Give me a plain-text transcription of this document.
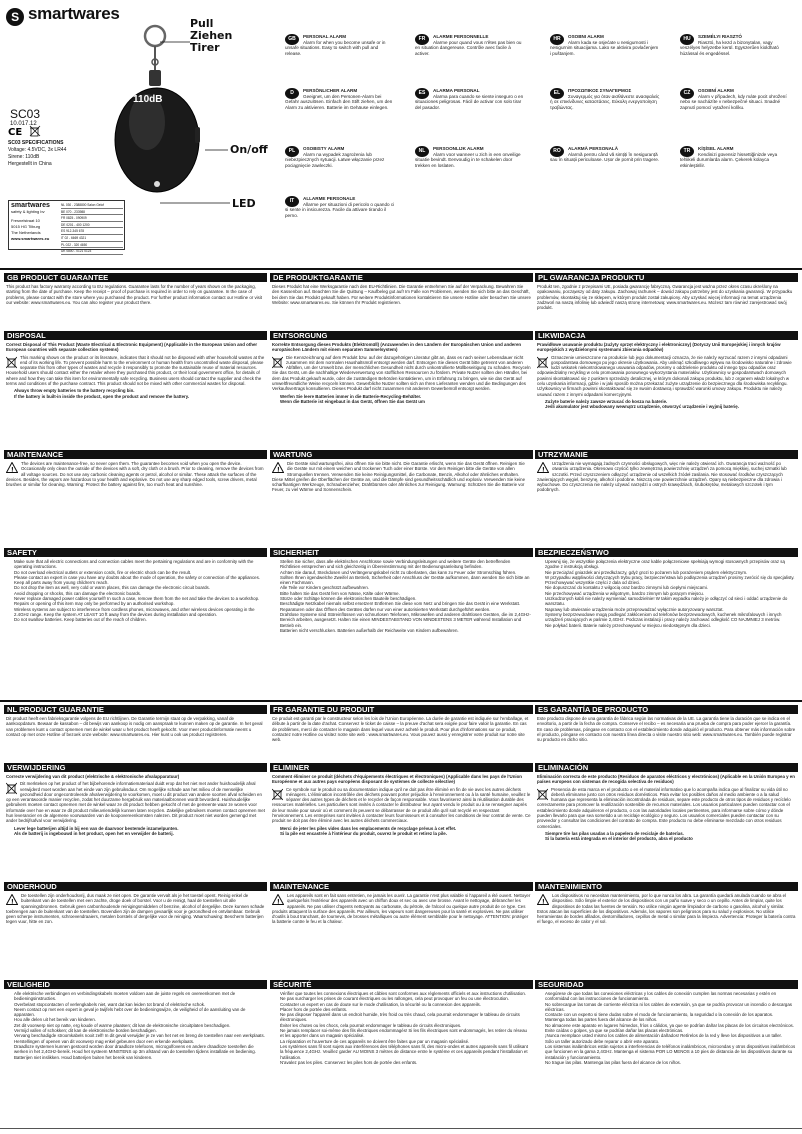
S smartwares
SC03
10.017.12
CE
SC03 SPECIFICATIONS
Voltage: 4.5VDC, 3x LR44
Sirene: 110dB
Hergestellt in China
smartwares
safety & lighting bv
Fresnelstraat 10
5015 HG Tilburg
The Netherlands
www.smartwares.eu
NL 030 - 2388800 Salon Gelof
BE 070 - 233988
FR 0825 - 090909
DE 0201 - 400 1200
ES 912-345 678
IT 02 - 6669 4321
PL 022 - 320 4650
UK 0800 - 0121 0123
110dB
Pull
Ziehen
Tirer
On/off
LED
GB	PERSONAL ALARM
Alarm for when you become unsafe or in unsafe situations. Easy to switch with pull and release.
FR	ALARME PERSONNELLE
Alarme pour quand vous n'êtes pas bien ou en situation dangereuse. Contrôle avec facile à activer.
HR	OSOBNI ALARM
Alarm kada se osjećate u nesigurnosti i nesigurnim situacijama. Lako se aktivira povlačenjem i puštanjem.
HU	SZEMÉLYI RIASZTÓ
Riasztó, ha kezd a bizonytalan, vagy veszélyes helyzetbe kerül. Egyszerűen kioldható húzással és engedéssel.
D	PERSÖNLICHER ALARM
Geeignet, um den Personen-Alarm bei Gefahr auszulösen. Einfach den Stift ziehen, um den Alarm zu aktivieren. Batterie im Gehäuse einlegen.
ES	ALARMA PERSONAL
Alarma para cuando se siente inseguro o en situaciones peligrosas. Fácil de activar con solo tirar del pasador.
EL	ΠΡΟΣΩΠΙΚΟΣ ΣΥΝΑΓΕΡΜΟΣ
Συναγερμός για όταν αισθάνεστε ανασφαλείς ή σε επικίνδυνες καταστάσεις. Εύκολη ενεργοποίηση τραβώντας.
CZ	OSOBNÍ ALARM
Alarm v případech, kdy máte pocit ohrožení nebo se nacházíte v nebezpečné situaci. Snadné zapnutí pomocí vytažení kolíku.
PL	OSOBISTY ALARM
Alarm na wypadek zagrożenia lub niebezpiecznych sytuacji. Łatwe włączanie przez pociągnięcie zawleczki.
NL	PERSOONLIJK ALARM
Alarm voor wanneer u zich in een onveilige situatie bevindt. Eenvoudig in te schakelen door trekken en loslaten.
RO	ALARMĂ PERSONALĂ
Alarmă pentru când vă simțiți în nesiguranță sau în situații periculoase. Ușor de pornit prin tragere.
TR	KİŞİSEL ALARM
Kendinizi güvensiz hissettiğinizde veya tehlikeli durumlarda alarm. Çekerek kolayca etkinleştirilir.
IT	ALLARME PERSONALE
Allarme per situazioni di pericolo o quando ci si sente in insicurezza. Facile da attivare tirando il perno.
GB PRODUCT GUARANTEE

This product has factory warranty according to EU regulations. Guarantee lasts for the number of years shown on the packaging, starting from the date of purchase. Keep the receipt – proof of purchase is required in order to rely on guarantee. In the case of problems, please contact with the store where you purchased the product. For further product information contact our Hotline or visit our website: www.smartwares.eu. You can also register your product there.

DISPOSAL

Correct Disposal of This Product (Waste Electrical & Electronic Equipment) (Applicable in the European Union and other European countries with separate collection systems)

This marking shown on the product or its literature, indicates that it should not be disposed with other household wastes at the end of its working life. To prevent possible harm to the environment or human health from uncontrolled waste disposal, please separate this from other types of wastes and recycle it responsibly to promote the sustainable reuse of material resources. Household users should contact either the retailer where they purchased this product, or their local government office, for details of where and how they can take this item for environmentally safe recycling. Business users should contact the supplier and check the terms and conditions of the purchase contract. This product should not be mixed with other commercial wastes for disposal.

• Always throw empty batteries to the battery recycling bin.
• If the battery is built-in inside the product, open the product and remove the battery.
MAINTENANCE
!

The devices are maintenance-free, so never open them. The guarantee becomes void when you open the device. Occasionally only clean the outside of the devices with a soft, dry cloth or a brush. Prior to cleaning, remove the devices from all voltage sources. Do not use any carbonic cleaning agents or petrol, alcohol or similar. These attack the surfaces of the devices. Besides, the vapors are hazardous to your health and explosive. Do not use any sharp edged tools, screw drivers, metal brushes or similar for cleaning. Warning: Protect the battery against fire, too much heat and sunshine.

SAFETY
• Make sure that all electric connections and connection cables meet the pertaining regulations and are in conformity with the operating instructions.
• Do not overload electrical outlets or extension cords, fire or electric shock can be the result.
• Please contact an expert in case you have any doubts about the mode of operation, the safety or connection of the appliances.
• Keep all parts away from young children's reach.
• Do not drop the item as well, very cold or warm places, this can damage the electronic circuit boards.
• Avoid dropping or shocks, this can damage the electronic boards.
• Never replace damaged power cables yourself! In such a case, remove them from the net and take the devices to a workshop.
• Repairs or opening of this item may only be performed by an authorised workshop.
• Wireless systems are subject to interference from cordless phones, microwaves, and other wireless devices operating in the 2.4GHz range. Keep the system AT LEAST 10 ft away from the devices during installation and operation.
• Do not swallow batteries. Keep batteries out of the reach of children.
DE PRODUKTGARANTIE

Dieses Produkt hat eine Werksgarantie nach den EU-Richtlinien. Die Garantie entnehmen Sie auf der Verpackung. Bewahren Sie den Kassenbon auf. Beachten Sie die Quittung – Kaufbeleg gut auf! Im Falle von Problemen, wenden Sie sich bitte an das Geschäft, bei dem Sie das Produkt gekauft haben. Für weitere Produktinformationen kontaktieren Sie unsere Hotline oder besuchen Sie unsere Website: www.smartwares.eu. Sie können Ihr Produkt registrieren.

ENTSORGUNG

Korrekte Entsorgung dieses Produkts (Elektromüll) (Anzuwenden in den Ländern der Europäischen Union und anderen europäischen Ländern mit einem separaten Sammelsystem)

Die Kennzeichnung auf dem Produkt bzw. auf der dazugehörigen Literatur gibt an, dass es nach seiner Lebensdauer nicht zusammen mit dem normalen Haushaltsmüll entsorgt werden darf. Entsorgen Sie dieses Gerät bitte getrennt von anderen Abfällen, um der Umwelt bzw. der menschlichen Gesundheit nicht durch unkontrollierte Müllbeseitigung zu schaden. Recyceln Sie das Gerät, um die nachhaltige Wiederverwertung von stofflichen Ressourcen zu fördern. Private Nutzer sollten den Händler, bei dem das Produkt gekauft wurde, oder die zuständigen Behörden kontaktieren, um in Erfahrung zu bringen, wie sie das Gerät auf umweltfreundliche Weise recyceln können. Gewerbliche Nutzer sollten sich an Ihren Lieferanten wenden und die Bedingungen des Verkaufsvertrags konsultieren. Dieses Produkt darf nicht zusammen mit anderem Gewerbemüll entsorgt werden.

• Werfen Sie leere Batterien immer in die Batterie-Recycling-Behälter.
• Wenn die Batterie ist eingebaut in das Gerät, öffnen Sie das Gerät um
WARTUNG
!

Die Geräte sind wartungsfrei, also öffnen Sie sie bitte nicht. Die Garantie erlischt, wenn Sie das Gerät öffnen. Reinigen Sie die Geräte nur mit einem weichen und trockenen Tuch oder einer Bürste. Vor dem Reinigen bitte die Geräte von allen Stromquellen trennen. Verwenden Sie keine Reinigungsmittel, die Carbonate, Benzin, Alkohol oder ähnliches enthalten. Diese Mittel greifen die Oberflächen der Geräte an, und die Dämpfe sind gesundheitsschädlich und explosiv. Verwenden Sie keine scharfkantigen Werkzeuge, Schraubenzieher, Drahtbürsten oder ähnliches zur Reinigung. Warnung: Schützen Sie die Batterie vor Feuer, zu viel Wärme und Sonnenschein.

SICHERHEIT
• Stellen Sie sicher, dass alle elektrischen Anschlüsse sowie Verbindungsleitungen und weitere Geräte den betreffenden Richtlinien entsprechen und sich gleichzeitig in Übereinstimmung mit der Bedienungsanleitung befinden.
• Achten Sie darauf, Steckdosen und Verlängerungskabel nicht zu überlasten, das kann zu Feuer oder Stromschlag führen.
• Sollten Ihnen irgendwelche Zweifel an Betrieb, Sicherheit oder Anschluss der Geräte aufkommen, dann wenden Sie sich bitte an einen Fachmann.
• Alle Teile vor Kindern geschützt aufbewahren.
• Bitte halten Sie das Gerät fern von Nässe, Kälte oder Wärme.
• Stürze oder Schläge können die elektronischen Bauteile beschädigen.
• Beschädigte Netzkabel niemals selbst ersetzen! Entfernen Sie diese vom Netz und bringen Sie das Gerät in eine Werkstatt.
• Reparaturen oder das Öffnen des Gerätes dürfen nur von einer autorisierten Werkstatt durchgeführt werden.
• Drahtlose Systeme sind Störeinflüssen von schnurlosen Telefonen, Mikrowellen und anderen drahtlosen Geräten, die im 2,4GHz-Bereich arbeiten, ausgesetzt. Halten Sie einen MINDESTABSTAND VON MINDESTENS 3 METER während Installation und Betrieb ein.
• Batterien nicht verschlucken. Batterien außerhalb der Reichweite von Kindern aufbewahren.
PL GWARANCJA PRODUKTU

Produkt ten, zgodnie z przepisami UE, posiada gwarancję fabryczną. Gwarancja jest ważna przez okres czasu określony na opakowaniu, począwszy od daty zakupu. Zachowaj rachunek – dowód zakupu potrzebny jest do uzyskania gwarancji. W przypadku problemów, skontaktuj się ze sklepem, w którym produkt został zakupiony. Aby uzyskać więcej informacji na temat urządzenia zadzwoń na naszą infolinię lub odwiedź naszą stronę internetową: www.smartwares.eu. Możesz tam również zarejestrować swój produkt.

LIKWIDACJA

Prawidłowe usuwanie produktu (zużyty sprzęt elektryczny i elektroniczny) (Dotyczy Unii Europejskiej i innych krajów europejskich z wydzielonymi systemami zbierania odpadów)

Oznaczenie umieszczone na produkcie lub jego dokumentacji oznacza, że nie należy wyrzucać razem z innymi odpadami gospodarstwa domowego po jego okresie użytkowania. Aby uniknąć szkodliwego wpływu na środowisko naturalne i zdrowie ludzi wskutek niekontrolowanego usuwania odpadów, prosimy o oddzielenie produktu od innego typu odpadów oraz odpowiedzialny recykling w celu promowania ponownego wykorzystania materiałów. Użytkownicy w gospodarstwach domowych powinni skontaktować się z punktem sprzedaży detalicznej, w którym dokonali zakupu produktu, lub z organem władz lokalnych w celu uzyskania informacji, gdzie i w jaki sposób można przekazać zużyte urządzenie do bezpiecznego dla środowiska recyklingu. Użytkownicy w firmach powinni skontaktować się ze swoim dostawcą i sprawdzić warunki umowy zakupu. Produktu nie należy usuwać razem z innymi odpadami komercyjnymi.

• Zużyte baterie należy zawsze wrzucać do kosza na baterie.
• Jeśli akumulator jest wbudowany wewnątrz urządzenie, otworzyć urządzenie i wyjmij baterię.
UTRZYMANIE
!

Urządzenia nie wymagają żadnych czynności obsługowych, więc nie należy otwierać ich. Gwarancja traci ważność po otwarciu urządzenia. Okresowo czyścić tylko zewnętrzną powierzchnię urządzeń za pomocą miękkiej, suchej szmatki lub szczotki. Przed czyszczeniem odłączyć urządzenie od wszelkich źródeł zasilania. Nie stosować środków czyszczących zawierających węgiel, benzynę, alkohol i podobne. Niszczą one powierzchnie urządzeń. Opary są niebezpieczne dla zdrowia i wybuchowe. Do czyszczenia nie należy używać narzędzi o ostrych krawędziach, śrubokrętów, metalowych szczotek i tym podobnych.

BEZPIECZEŃSTWO
• Upewnij się, że wszystkie połączenia elektryczne oraz kable połączeniowe spełniają wymogi stosownych przepisów oraz są zgodne z instrukcją obsługi.
• Nie przeciążać gniazdek ani przedłużaczy, gdyż grozi to pożarem lub porażeniem prądem elektrycznym.
• W przypadku wątpliwości dotyczących trybu pracy, bezpieczeństwa lub podłączenia urządzeń prosimy zwrócić się do specjalisty.
• Przechowywać wszystkie części z dala od dzieci.
• Nie dopuszczać do kontaktu z wilgocią oraz bardzo zimnymi lub ciepłymi miejscami.
• Nie przechowywać urządzenia w wilgotnym, bardzo zimnym lub gorącym miejscu.
• Uszkodzonych kabli nie należy wymieniać samodzielnie! W takim wypadku należy je odłączyć od sieci i oddać urządzenie do warsztatu.
• Naprawy lub otwieranie urządzenia może przeprowadzać wyłącznie autoryzowany warsztat.
• Systemy bezprzewodowe mogą podlegać zakłóceniom od telefonów bezprzewodowych, kuchenek mikrofalowych i innych urządzeń pracujących w paśmie 2,4GHz. Podczas instalacji i pracy należy zachować odległość CO NAJMNIEJ 3 metrów.
• Nie połykać baterii. Baterie należy przechowywać w miejscu niedostępnym dla dzieci.
NL PRODUCT GUARANTIE

Dit product heeft een fabrieksgarantie volgens de EU richtlijnen. De Garantie termijn staat op de verpakking, vanaf de aankoopdatum. Bewaar de kassabon – dit bewijs van aankoop is nodig om aanspraak te kunnen maken op de garantie. In het geval van problemen kunt u contact opnemen met de winkel waar u het product heeft gekocht. Voor meer productinformatie neemt u contact op met onze Hotline of bezoek onze website: www.smartwares.eu. Hier kunt u ook uw product registreren.

VERWIJDERING

Correcte verwijdering van dit product (elektrische & elektronische afvalapparatuur)

Dit merkteken op het product of het bijbehorende informatiemateriaal duidt erop dat het niet met ander huishoudelijk afval verwijderd moet worden aan het einde van zijn gebruiksduur. Om mogelijke schade aan het milieu of de menselijke gezondheid door ongecontroleerde afvalverwijdering te voorkomen, moet u dit product van andere soorten afval scheiden en op een verantwoorde manier recyclen, zodat het duurzame hergebruik van materiaalbronnen wordt bevorderd. Huishoudelijke gebruikers moeten contact opnemen met de winkel waar ze dit product hebben gekocht of met de gemeente waar ze wonen voor informatie over hoe en waar ze dit product milieuvriendelijk kunnen laten recyclen. Zakelijke gebruikers moeten contact opnemen met hun leverancier en de algemene voorwaarden van de koopovereenkomsten nalezen. Dit product moet niet worden gemengd met ander bedrijfsafval voor verwijdering.

• Lever lege batterijen altijd in bij een van de daarvoor bestemde inzamelpunten.
• Als de batterij is ingebouwd in het product, open het en verwijder de batterij.
ONDERHOUD
!

De toestellen zijn onderhoudsvrij, dus maak ze niet open. De garantie vervalt als je het toestel opent. Reinig enkel de buitenkant van de toestellen met een zachte, droge doek of borstel. Voor u de reinigt, haal de toestellen uit alle spanningsbronnen. Gebruik geen carbonhoudende reinigingsmiddelen of benzine, alcohol of dergelijke. Deze kunnen schade toebrengen aan de buitenkant van de toestellen. Bovendien zijn de dampen gevaarlijk voor je gezondheid en ontvlambaar. Gebruik geen scherpe instrumenten, schroevendraaiers, metalen borstels of dergelijke voor de reiniging. Waarschuwing: Bescherm batterijen tegen vuur, hitte en zon.

VEILIGHEID
• Alle elektrische verbindingen en verbindingskabels moeten voldoen aan de juiste regels en overeenkomen met de bedieningsinstructies.
• Overbelast stopcontacten of verlengkabels niet, want dat kan leiden tot brand of elektrische schok.
• Neem contact op met een expert in geval je twijfels hebt over de bedieningswijze, de veiligheid of de aansluiting van de apparaten.
• Hou alle delen uit het bereik van kinderen.
• Zet dit voorwerp niet op natte, erg koude of warme plaatsen; dit kan de elektronische circuitplaten beschadigen.
• Vermijd vallen of schokken; dit kan de elektronische borden beschadigen.
• Vervang beschadigde stroomkabels nooit zelf! In dit geval verwijder je ze van het net en breng de toestellen naar een werkplaats.
• Herstellingen of openen van dit voorwerp mag enkel gebeuren door een erkende werkplaats.
• Draadloze systemen kunnen gestoord worden door draadloze telefoons, microgolfovens en andere draadloze toestellen die werken in het 2,4GHz-bereik. Houd het systeem MINSTENS op 3m afstand van de toestellen tijdens installatie en bediening.
• Batterijen niet inslikken. Houd batterijen buiten het bereik van kinderen.
FR GARANTIE DU PRODUIT

Ce produit est garanti par le constructeur selon les lois de l'Union Européenne. La durée de garantie est indiquée sur l'emballage, et débute à partir de la date d'achat. Conservez le ticket de caisse – la preuve d'achat sera exigée pour faire valoir la garantie. En cas de problèmes, merci de contacter le magasin dans lequel vous avez acheté le produit. Pour plus d'informations sur ce produit, contactez notre Hotline ou visitez notre site web : www.smartwares.eu. Vous pouvez aussi y enregistrer votre produit sur notre site web.

ELIMINER

Comment éliminer ce produit (déchets d'équipements électriques et électroniques) (Applicable dans les pays de l'Union Européenne et aux autres pays européens disposant de systèmes de collecte sélective)

Ce symbole sur le produit ou sa documentation indique qu'il ne doit pas être éliminé en fin de vie avec les autres déchets ménagers. L'élimination incontrôlée des déchets pouvant porter préjudice à l'environnement ou à la santé humaine, veuillez le séparer des autres types de déchets et le recycler de façon responsable. Vous favoriserez ainsi la réutilisation durable des ressources matérielles. Les particuliers sont invités à contacter le distributeur leur ayant vendu le produit ou à se renseigner auprès de leur mairie pour savoir où et comment ils peuvent se débarrasser de ce produit afin qu'il soit recyclé en respectant l'environnement. Les entreprises sont invitées à contacter leurs fournisseurs et à consulter les conditions de leur contrat de vente. Ce produit ne doit pas être éliminé avec les autres déchets commerciaux.

• Merci de jeter les piles vides dans les emplacements de recyclage prévus à cet effet.
• Si la pile est encastrée à l'intérieur du produit, ouvrez le produit et retirez la pile.
MAINTENANCE
!

Les appareils sont en fait sans entretien, ne jamais les ouvrir. La garantie n'est plus valable si l'appareil a été ouvert. Nettoyer quelquefois l'extérieur des appareils avec un chiffon doux et sec ou avec une brosse. Avant le nettoyage, débrancher les appareils. Ne pas utiliser d'agents nettoyants au carbonate, du pétrole, de l'alcool ou quelque autre produit de ce type. Ces produits attaquent la surface des appareils. Par ailleurs, les vapeurs sont dangereuses pour la santé et explosives. Ne pas utiliser d'outils à bout tranchant, de tournevis, de brosses métalliques ou autre élément semblable pour le nettoyage. ATTENTION: protéger la batterie contre le feu et la chaleur.

SÉCURITÉ
• Vérifier que toutes les connexions électriques et câbles sont conformes aux règlements officiels et aux instructions d'utilisation.
• Ne pas surcharger les prises de courant électriques ou les rallonges, cela peut provoquer un feu ou une électrocution.
• Contacter un expert en cas de doute sur le mode d'utilisation, la sécurité ou la connexion des appareils.
• Placer hors de portée des enfants.
• Ne pas disposer l'appareil dans un endroit humide, très froid ou très chaud, cela pourrait endommager le tableau de circuits électroniques.
• Éviter les chutes ou les chocs, cela pourrait endommager le tableau de circuits électroniques.
• Ne jamais remplacer soi-même des fils électriques endommagés! Si les fils électriques sont endommagés, les retirer du réseau et les apporter dans un magasin spécialisé.
• La réparation et l'ouverture de ces appareils ne doivent être faites que par un magasin spécialisé.
• Les systèmes sans fil sont sujets aux interférences des téléphones sans fil, des micro-ondes et autres appareils sans fil utilisant la fréquence 2,4GHz. Veuillez garder AU MOINS 3 mètres de distance entre le système et ces appareils pendant l'installation et l'utilisation.
• N'avalez pas les piles. Conservez les piles hors de portée des enfants.
ES GARANTÍA DE PRODUCTO

Este producto dispone de una garantía de fábrica según las normativas de la UE. La garantía tiene la duración que se indica en el envoltorio, a partir de la fecha de compra. Conserve el recibo – es necesaria una prueba de compra para poder ejercer la garantía. En caso de problemas, póngase en contacto con el establecimiento donde adquirió el producto. Para obtener más información sobre el producto, póngase en contacto con nuestra línea directa o visite nuestro sitio web: www.smartwares.eu. También puede registrar su producto en dicho sitio.

ELIMINACIÓN

Eliminación correcta de este producto (Residuos de aparatos eléctricos y electrónicos) (Aplicable en la Unión Europea y en países europeos con sistemas de recogida selectiva de residuos)

Presencia de esta marca en el producto o en el material informativo que lo acompaña indica que al finalizar su vida útil no deberá eliminarse junto con otros residuos domésticos. Para evitar los posibles daños al medio ambiente o a la salud humana que representa la eliminación incontrolada de residuos, separe este producto de otros tipos de residuos y recíclelo correctamente para promover la reutilización sostenible de recursos materiales. Los usuarios particulares pueden contactar con el establecimiento donde adquirieron el producto, o con las autoridades locales pertinentes, para informarse sobre cómo y dónde pueden llevarlo para que sea sometido a un reciclaje ecológico y seguro. Los usuarios comerciales pueden contactar con su proveedor y consultar las condiciones del contrato de compra. Este producto no debe eliminarse mezclado con otros residuos comerciales.

• Siempre tire las pilas usadas a la papelera de reciclaje de baterías.
• Si la batería está integrada en el interior del producto, abra el producto
MANTENIMIENTO
!

Los dispositivos no necesitan mantenimiento, por lo que nunca los abra. La garantía quedará anulada cuando se abra el dispositivo. Sólo limpie el exterior de los dispositivos con un paño suave y seco o un cepillo. Antes de limpiar, quite los dispositivos de todas las fuentes de tensión. No utilice ningún agente limpiador de carbono o gasolina, alcohol y similar. Estos atacan las superficies de los dispositivos. Además, los vapores son peligrosos para su salud y explosivos. No utilice herramientas de bordes afilados, destornilladores, cepillos de metal o similar para la limpieza. Advertencia: Proteger la batería contra el fuego, el exceso de calor y el sol.

SEGURIDAD
• Asegúrese de que todas las conexiones eléctricas y los cables de conexión cumplen las normas necesarias y estén en conformidad con las instrucciones de funcionamiento.
• No sobrecargue las tomas de corriente eléctrica ni los cables de extensión, ya que se podría provocar un incendio o descargas eléctricas.
• Contacte con un experto si tiene dudas sobre el modo de funcionamiento, la seguridad o la conexión de los aparatos.
• Mantenga todas las partes fuera del alcance de los niños.
• No almacene este aparato en lugares húmedos, fríos o cálidos, ya que se podrían dañar las placas de los circuitos electrónicos.
• Evite caídas o golpes, ya que se podrían dañar las placas electrónicas.
• ¡Nunca reemplace usted mismo los cables de alimentación dañados! Retírelos de la red y lleve los dispositivos a un taller.
• Sólo un taller autorizado debe reparar o abrir este aparato.
• Los sistemas inalámbricos están sujetos a interferencias de teléfonos inalámbricos, microondas y otros dispositivos inalámbricos que funcionen en la gama 2,4GHz. Mantenga el sistema POR LO MENOS a 10 pies de distancia de los dispositivos durante su instalación y funcionamiento.
• No trague las pilas. Mantenga las pilas fuera del alcance de los niños.
